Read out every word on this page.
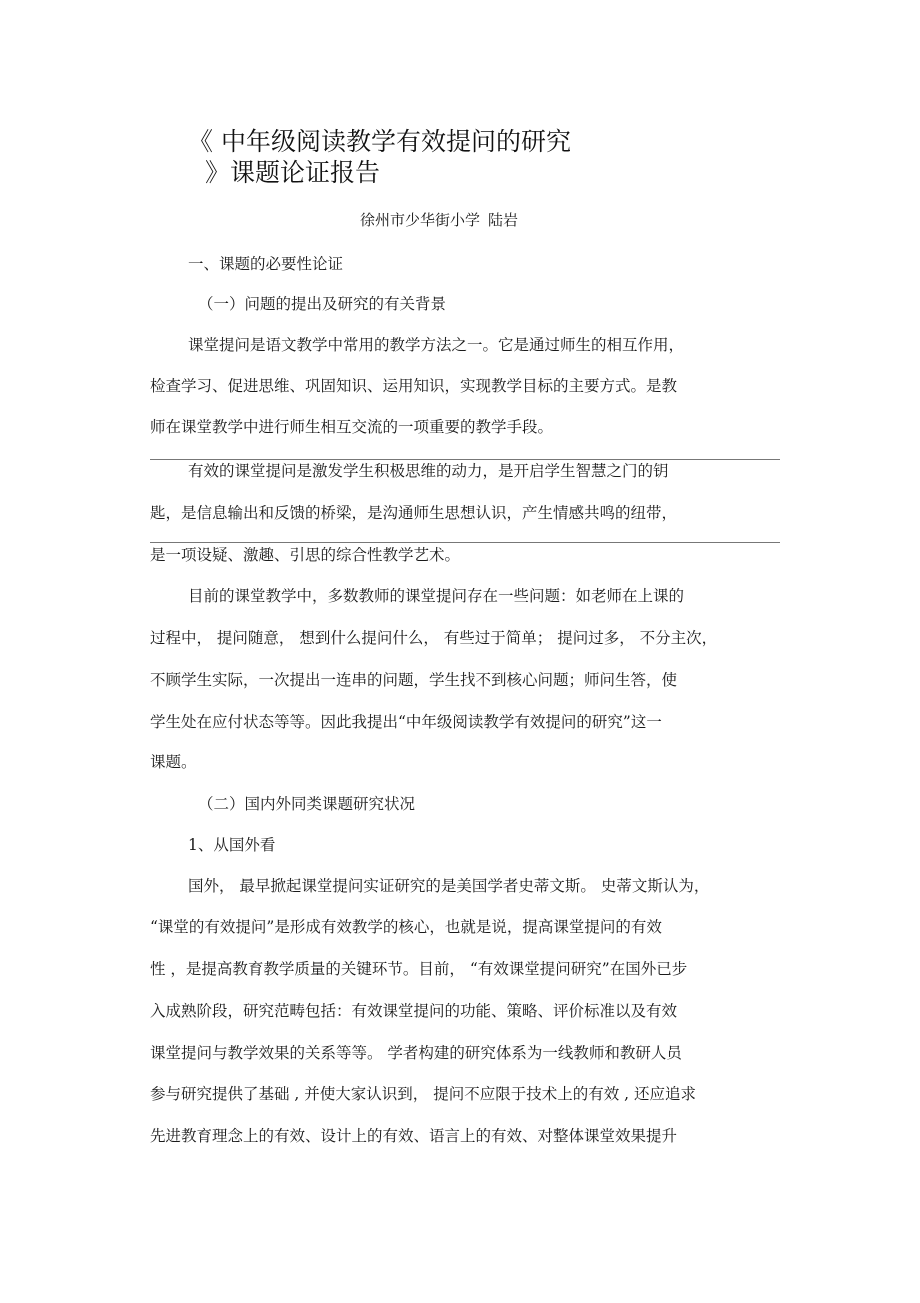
《 中年级阅读教学有效提问的研究
》课题论证报告
徐州市少华街小学 陆岩
一、课题的必要性论证
（一）问题的提出及研究的有关背景
课堂提问是语文教学中常用的教学方法之一。它是通过师生的相互作用，
检查学习、促进思维、巩固知识、运用知识，实现教学目标的主要方式。是教
师在课堂教学中进行师生相互交流的一项重要的教学手段。
有效的课堂提问是激发学生积极思维的动力，是开启学生智慧之门的钥
匙，是信息输出和反馈的桥梁，是沟通师生思想认识，产生情感共鸣的纽带，
是一项设疑、激趣、引思的综合性教学艺术。
目前的课堂教学中，多数教师的课堂提问存在一些问题：如老师在上课的
过程中， 提问随意， 想到什么提问什么， 有些过于简单； 提问过多， 不分主次，
不顾学生实际，一次提出一连串的问题，学生找不到核心问题；师问生答，使
学生处在应付状态等等。因此我提出“中年级阅读教学有效提问的研究”这一
课题。
（二）国内外同类课题研究状况
1、从国外看
国外， 最早掀起课堂提问实证研究的是美国学者史蒂文斯。 史蒂文斯认为，
“课堂的有效提问”是形成有效教学的核心，也就是说，提高课堂提问的有效
性 ，是提高教育教学质量的关键环节。目前， “有效课堂提问研究”在国外已步
入成熟阶段，研究范畴包括：有效课堂提问的功能、策略、评价标准以及有效
课堂提问与教学效果的关系等等。 学者构建的研究体系为一线教师和教研人员
参与研究提供了基础 , 并使大家认识到， 提问不应限于技术上的有效 , 还应追求
先进教育理念上的有效、设计上的有效、语言上的有效、对整体课堂效果提升
